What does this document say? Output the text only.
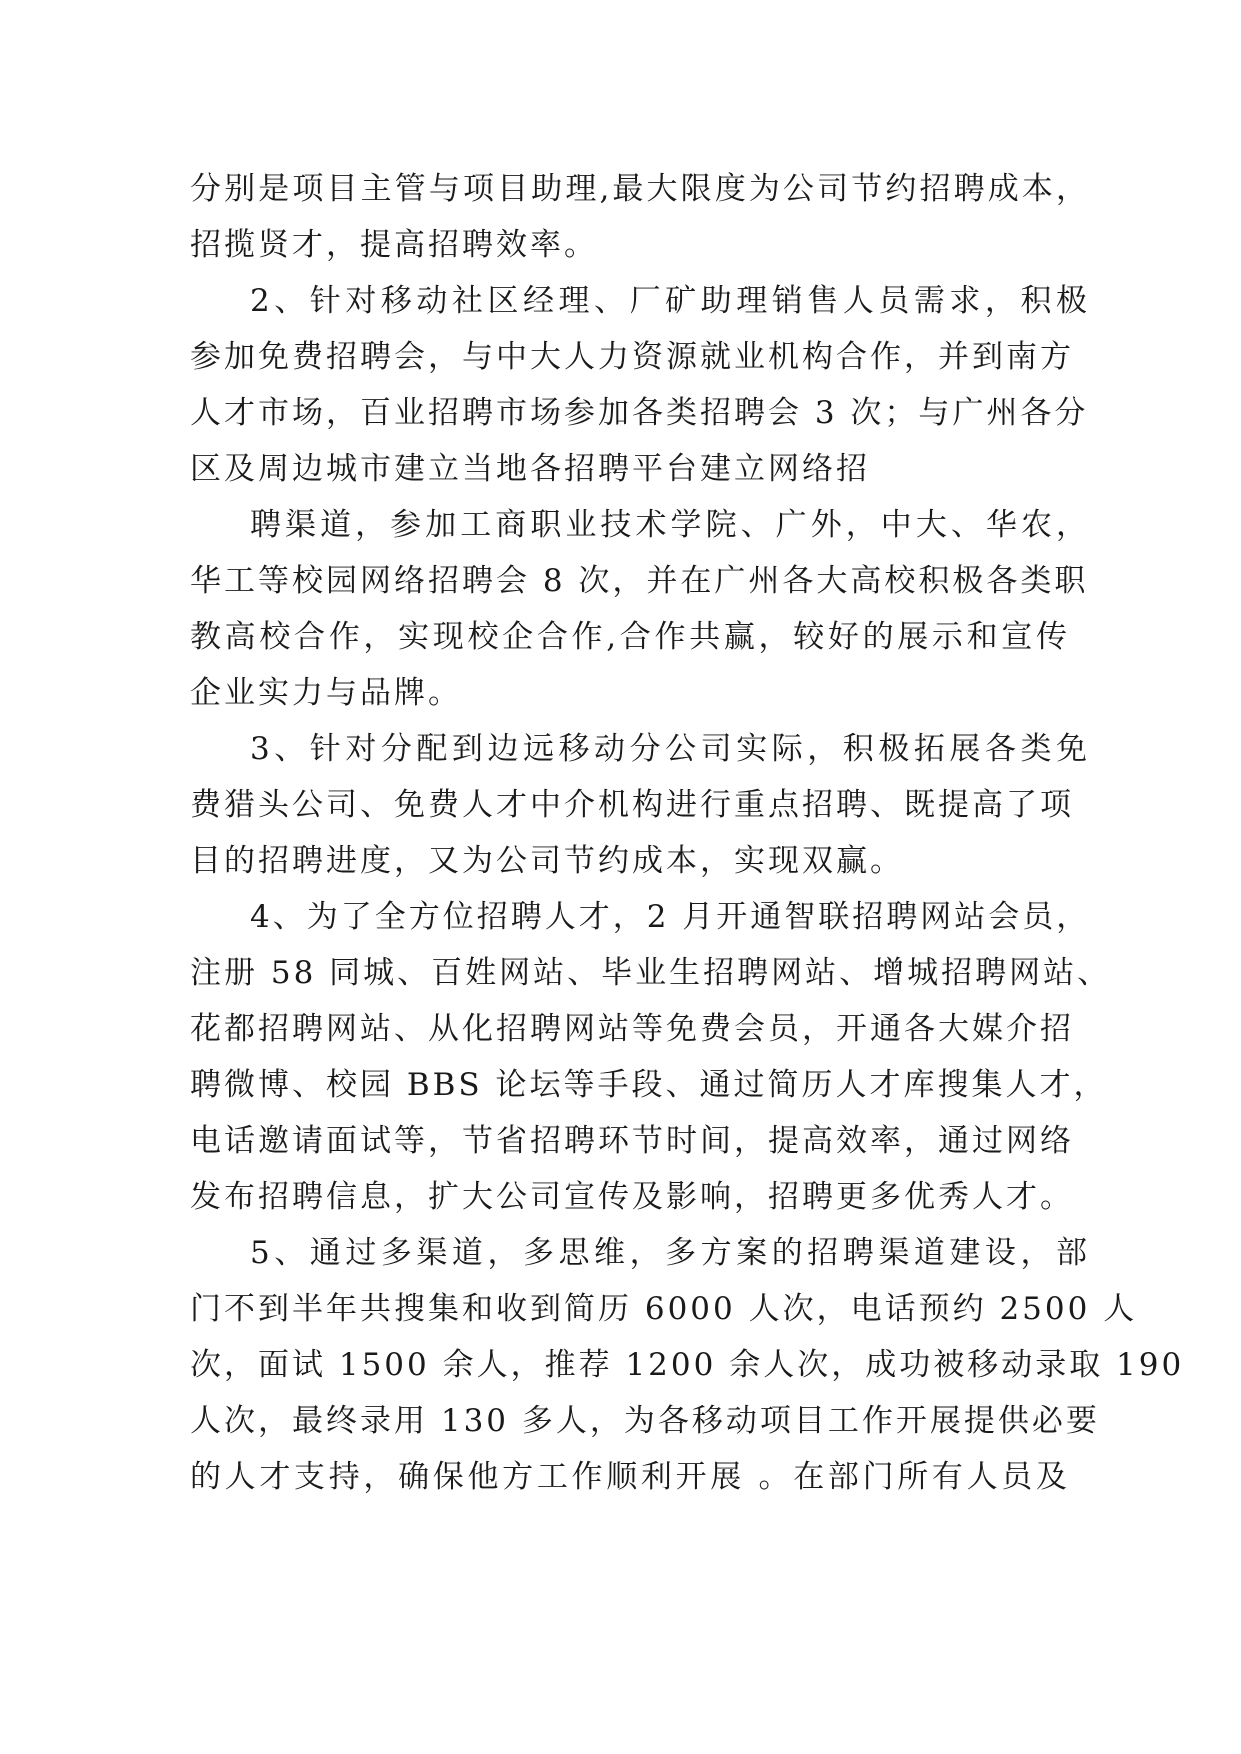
分别是项目主管与项目助理,最大限度为公司节约招聘成本，
招揽贤才，提高招聘效率。
2、针对移动社区经理、厂矿助理销售人员需求，积极
参加免费招聘会，与中大人力资源就业机构合作，并到南方
人才市场，百业招聘市场参加各类招聘会 3 次；与广州各分
区及周边城市建立当地各招聘平台建立网络招
聘渠道，参加工商职业技术学院、广外，中大、华农，
华工等校园网络招聘会 8 次，并在广州各大高校积极各类职
教高校合作，实现校企合作,合作共赢，较好的展示和宣传
企业实力与品牌。
3、针对分配到边远移动分公司实际，积极拓展各类免
费猎头公司、免费人才中介机构进行重点招聘、既提高了项
目的招聘进度，又为公司节约成本，实现双赢。
4、为了全方位招聘人才，2 月开通智联招聘网站会员，
注册 58 同城、百姓网站、毕业生招聘网站、增城招聘网站、
花都招聘网站、从化招聘网站等免费会员，开通各大媒介招
聘微博、校园 BBS 论坛等手段、通过简历人才库搜集人才，
电话邀请面试等，节省招聘环节时间，提高效率，通过网络
发布招聘信息，扩大公司宣传及影响，招聘更多优秀人才。
5、通过多渠道，多思维，多方案的招聘渠道建设，部
门不到半年共搜集和收到简历 6000 人次，电话预约 2500 人
次，面试 1500 余人，推荐 1200 余人次，成功被移动录取 190
人次，最终录用 130 多人，为各移动项目工作开展提供必要
的人才支持，确保他方工作顺利开展 。在部门所有人员及
